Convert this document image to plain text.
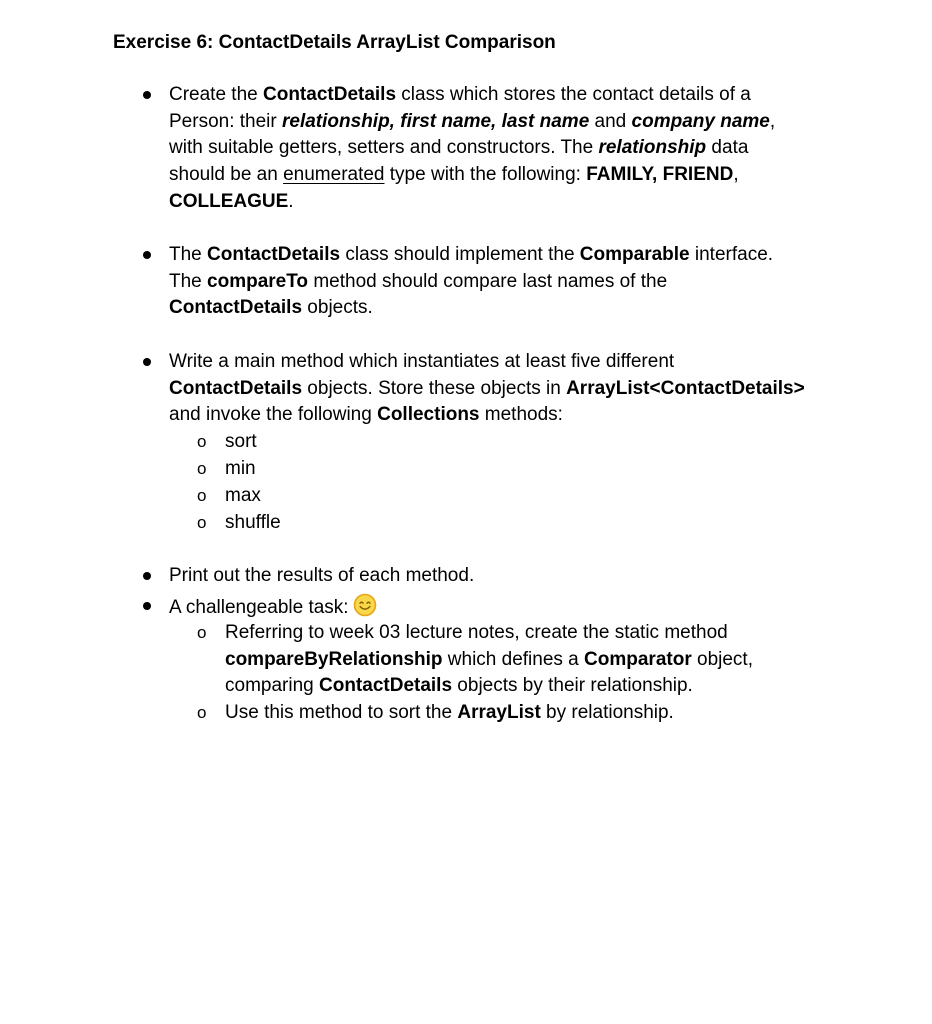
Exercise 6: ContactDetails ArrayList Comparison
Create the ContactDetails class which stores the contact details of a
Person: their relationship, first name, last name and company name,
with suitable getters, setters and constructors. The relationship data
should be an enumerated type with the following: FAMILY, FRIEND,
COLLEAGUE.
The ContactDetails class should implement the Comparable interface.
The compareTo method should compare last names of the
ContactDetails objects.
Write a main method which instantiates at least five different
ContactDetails objects. Store these objects in ArrayList<ContactDetails>
and invoke the following Collections methods:
o sort
o min
o max
o shuffle
Print out the results of each method.
A challengeable task:
o Referring to week 03 lecture notes, create the static method
compareByRelationship which defines a Comparator object,
comparing ContactDetails objects by their relationship.
o Use this method to sort the ArrayList by relationship.
